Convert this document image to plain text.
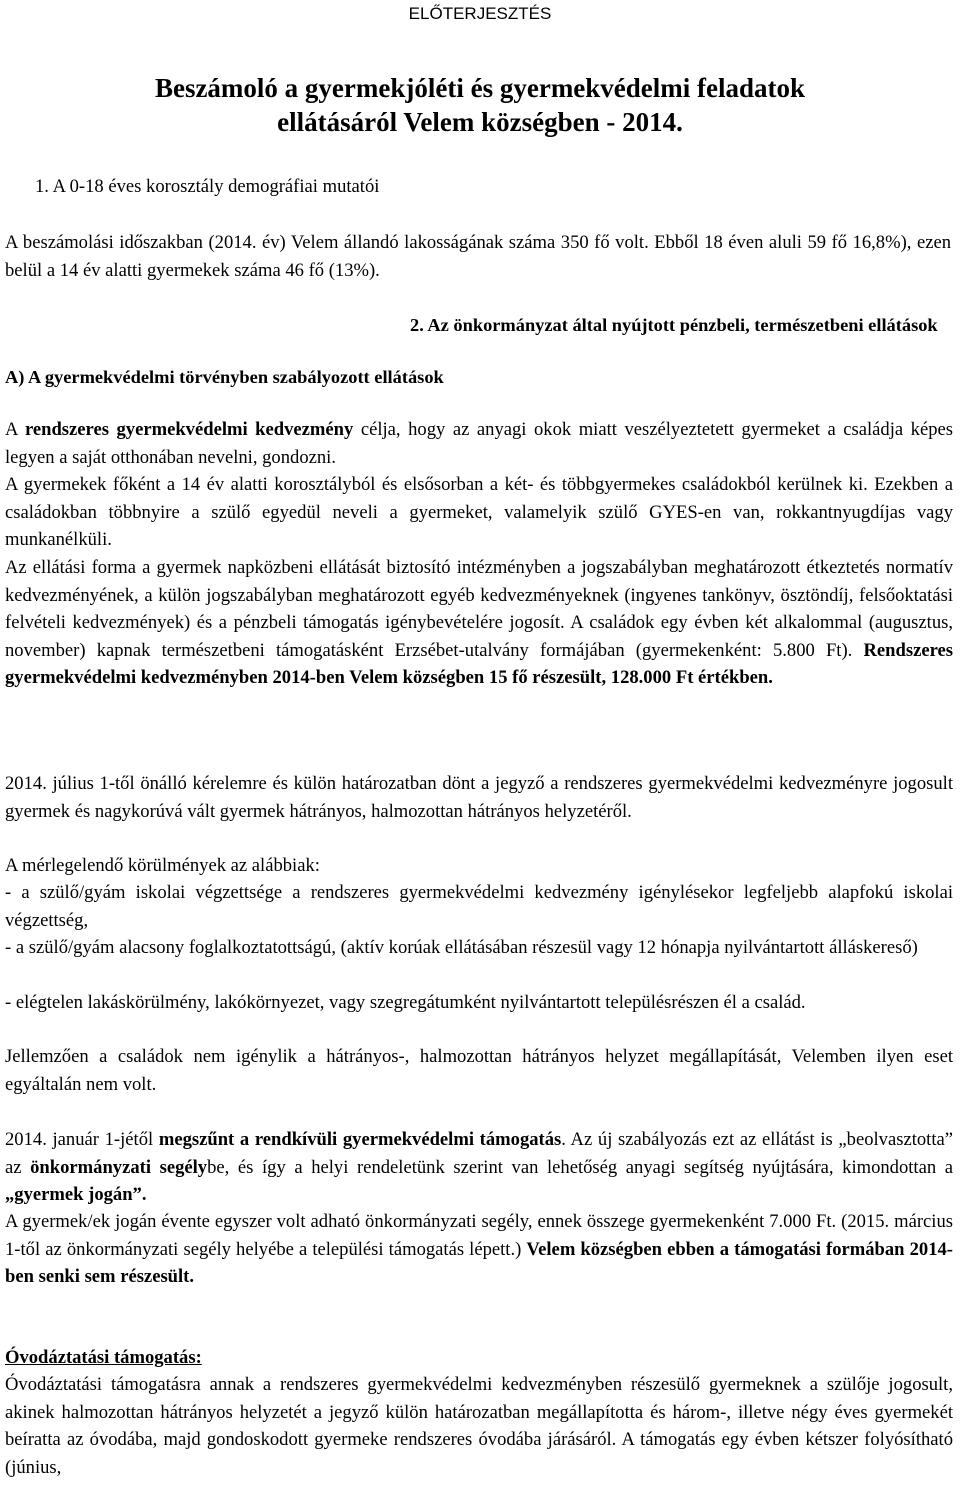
ELŐTERJESZTÉS
Beszámoló a gyermekjóléti és gyermekvédelmi feladatok
ellátásáról Velem községben - 2014.

1. A 0-18 éves korosztály demográfiai mutatói

A beszámolási időszakban (2014. év) Velem állandó lakosságának száma 350 fő volt. Ebből 18 éven aluli 59 fő 16,8%), ezen belül a 14 év alatti gyermekek száma 46 fő (13%).

2. Az önkormányzat által nyújtott pénzbeli, természetbeni ellátások

A) A gyermekvédelmi törvényben szabályozott ellátások

A rendszeres gyermekvédelmi kedvezmény célja, hogy az anyagi okok miatt veszélyeztetett gyermeket a családja képes legyen a saját otthonában nevelni, gondozni.

A gyermekek főként a 14 év alatti korosztályból és elsősorban a két- és többgyermekes családokból kerülnek ki. Ezekben a családokban többnyire a szülő egyedül neveli a gyermeket, valamelyik szülő GYES-en van, rokkantnyugdíjas vagy munkanélküli.

Az ellátási forma a gyermek napközbeni ellátását biztosító intézményben a jogszabályban meghatározott étkeztetés normatív kedvezményének, a külön jogszabályban meghatározott egyéb kedvezményeknek (ingyenes tankönyv, ösztöndíj, felsőoktatási felvételi kedvezmények) és a pénzbeli támogatás igénybevételére jogosít. A családok egy évben két alkalommal (augusztus, november) kapnak természetbeni támogatásként Erzsébet-utalvány formájában (gyermekenként: 5.800 Ft). Rendszeres gyermekvédelmi kedvezményben 2014-ben Velem községben 15 fő részesült, 128.000 Ft értékben.

2014. július 1-től önálló kérelemre és külön határozatban dönt a jegyző a rendszeres gyermekvédelmi kedvezményre jogosult gyermek és nagykorúvá vált gyermek hátrányos, halmozottan hátrányos helyzetéről.

A mérlegelendő körülmények az alábbiak:

- a szülő/gyám iskolai végzettsége a rendszeres gyermekvédelmi kedvezmény igénylésekor legfeljebb alapfokú iskolai végzettség,

- a szülő/gyám alacsony foglalkoztatottságú, (aktív korúak ellátásában részesül vagy 12 hónapja nyilvántartott álláskereső)

- elégtelen lakáskörülmény, lakókörnyezet, vagy szegregátumként nyilvántartott településrészen él a család.

Jellemzően a családok nem igénylik a hátrányos-, halmozottan hátrányos helyzet megállapítását, Velemben ilyen eset egyáltalán nem volt.

2014. január 1-jétől megszűnt a rendkívüli gyermekvédelmi támogatás. Az új szabályozás ezt az ellátást is „beolvasztotta” az önkormányzati segélybe, és így a helyi rendeletünk szerint van lehetőség anyagi segítség nyújtására, kimondottan a „gyermek jogán”.

A gyermek/ek jogán évente egyszer volt adható önkormányzati segély, ennek összege gyermekenként 7.000 Ft. (2015. március 1-től az önkormányzati segély helyébe a települési támogatás lépett.) Velem községben ebben a támogatási formában 2014-ben senki sem részesült.

Óvodáztatási támogatás:

Óvodáztatási támogatásra annak a rendszeres gyermekvédelmi kedvezményben részesülő gyermeknek a szülője jogosult, akinek halmozottan hátrányos helyzetét a jegyző külön határozatban megállapította és három-, illetve négy éves gyermekét beíratta az óvodába, majd gondoskodott gyermeke rendszeres óvodába járásáról. A támogatás egy évben kétszer folyósítható (június,
